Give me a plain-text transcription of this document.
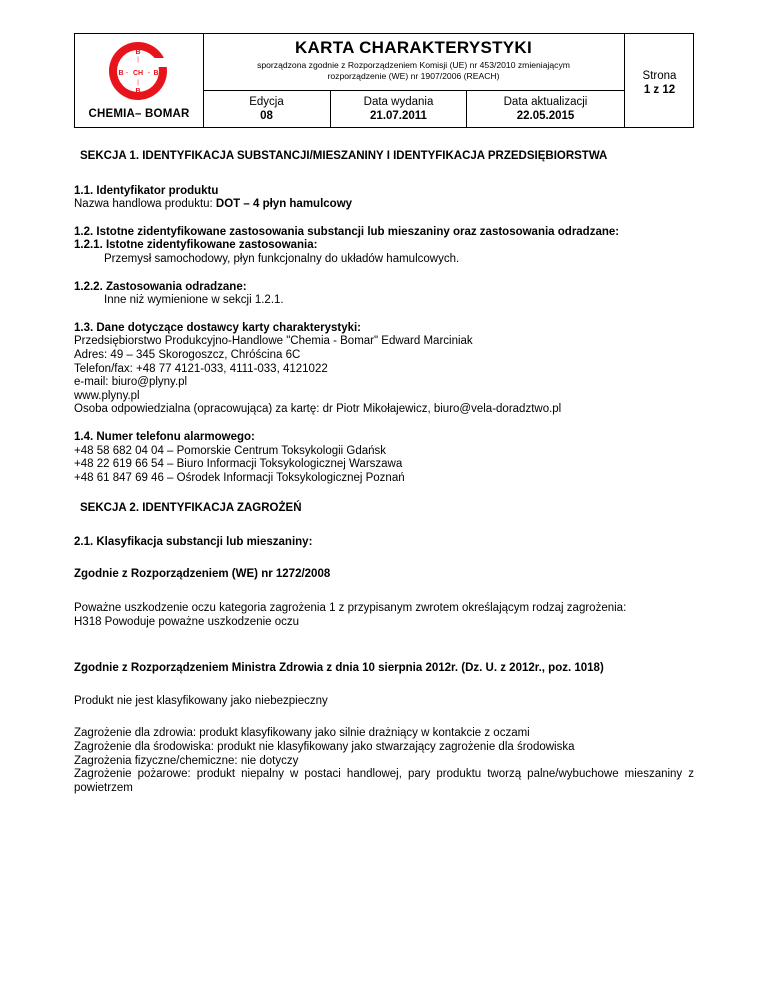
B
|
B - CH - B
|
B
CHEMIA– BOMAR
KARTA CHARAKTERYSTYKI
sporządzona zgodnie z Rozporządzeniem Komisji (UE) nr 453/2010 zmieniającym
rozporządzenie (WE) nr 1907/2006 (REACH)
Edycja
08
Data wydania
21.07.2011
Data aktualizacji
22.05.2015
Strona
1 z 12

SEKCJA 1. IDENTYFIKACJA SUBSTANCJI/MIESZANINY I IDENTYFIKACJA PRZEDSIĘBIORSTWA

1.1. Identyfikator produktu

Nazwa handlowa produktu: DOT – 4 płyn hamulcowy

1.2. Istotne zidentyfikowane zastosowania substancji lub mieszaniny oraz zastosowania odradzane:

1.2.1. Istotne zidentyfikowane zastosowania:

Przemysł samochodowy, płyn funkcjonalny do układów hamulcowych.

1.2.2. Zastosowania odradzane:

Inne niż wymienione w sekcji 1.2.1.

1.3. Dane dotyczące dostawcy karty charakterystyki:

Przedsiębiorstwo Produkcyjno-Handlowe "Chemia - Bomar" Edward Marciniak

Adres: 49 – 345 Skorogoszcz, Chróścina 6C

Telefon/fax: +48 77 4121-033, 4111-033, 4121022

e-mail: biuro@plyny.pl

www.plyny.pl

Osoba odpowiedzialna (opracowująca) za kartę: dr Piotr Mikołajewicz, biuro@vela-doradztwo.pl

1.4. Numer telefonu alarmowego:

+48 58 682 04 04 – Pomorskie Centrum Toksykologii Gdańsk

+48 22 619 66 54 – Biuro Informacji Toksykologicznej Warszawa

+48 61 847 69 46 – Ośrodek Informacji Toksykologicznej Poznań

SEKCJA 2. IDENTYFIKACJA ZAGROŻEŃ

2.1. Klasyfikacja substancji lub mieszaniny:

Zgodnie z Rozporządzeniem (WE) nr 1272/2008

Poważne uszkodzenie oczu kategoria zagrożenia 1 z przypisanym zwrotem określającym rodzaj zagrożenia:

H318 Powoduje poważne uszkodzenie oczu

Zgodnie z Rozporządzeniem Ministra Zdrowia z dnia 10 sierpnia 2012r. (Dz. U. z 2012r., poz. 1018)

Produkt nie jest klasyfikowany jako niebezpieczny

Zagrożenie dla zdrowia: produkt klasyfikowany jako silnie drażniący w kontakcie z oczami

Zagrożenie dla środowiska: produkt nie klasyfikowany jako stwarzający zagrożenie dla środowiska

Zagrożenia fizyczne/chemiczne: nie dotyczy

Zagrożenie pożarowe: produkt niepalny w postaci handlowej, pary produktu tworzą palne/wybuchowe mieszaniny z powietrzem
